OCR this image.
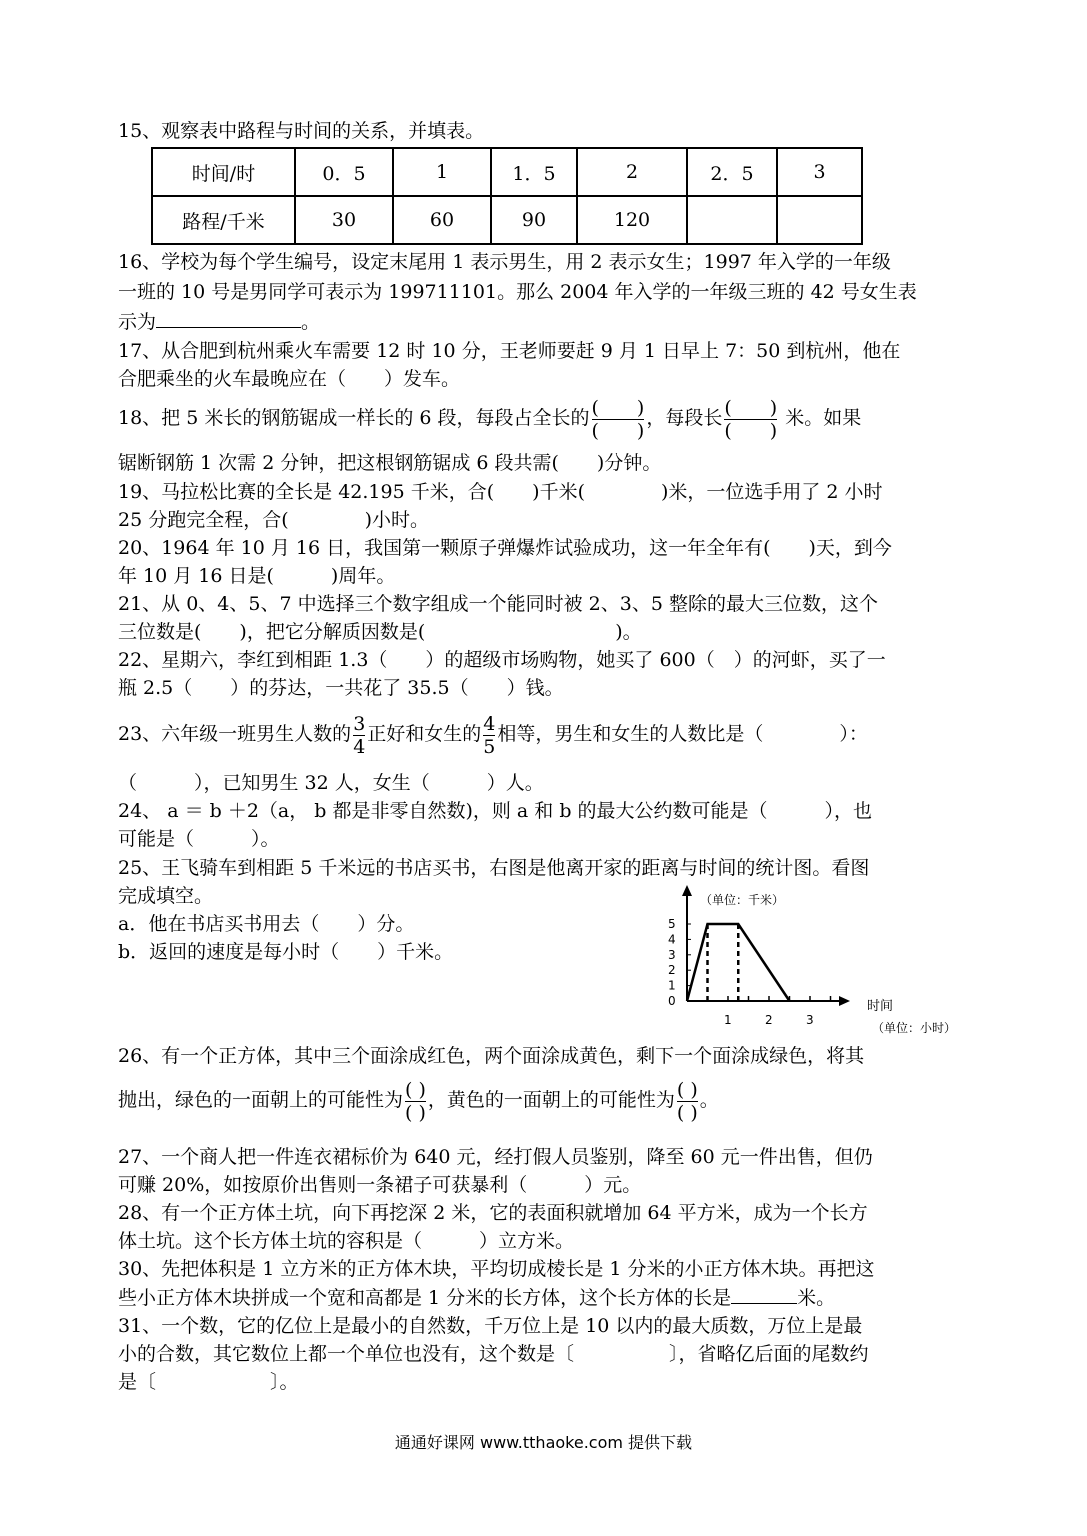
15、观察表中路程与时间的关系，并填表。
时间/时	0．5	1	1．5	2	2．5	3
路程/千米	30	60	90	120		
16、学校为每个学生编号，设定末尾用 1 表示男生，用 2 表示女生；1997 年入学的一年级
一班的 10 号是男同学可表示为 199711101。那么 2004 年入学的一年级三班的 42 号女生表
示为	。
17、从合肥到杭州乘火车需要 12 时 10 分，王老师要赶 9 月 1 日早上 7：50 到杭州，他在
合肥乘坐的火车最晚应在（　　）发车。
18、把 5 米长的钢筋锯成一样长的 6 段，每段占全长的 $\frac{( )}{( )}$ ，每段长 $\frac{( )}{( )}$ 米。如果
锯断钢筋 1 次需 2 分钟，把这根钢筋锯成 6 段共需(　　)分钟。
19、马拉松比赛的全长是 42.195 千米，合(　　)千米(　　　　)米，一位选手用了 2 小时
25 分跑完全程，合(　　　　)小时。
20、1964 年 10 月 16 日，我国第一颗原子弹爆炸试验成功，这一年全年有(　　)天，到今
年 10 月 16 日是(　　　)周年。
21、从 0、4、5、7 中选择三个数字组成一个能同时被 2、3、5 整除的最大三位数，这个
三位数是(　　)，把它分解质因数是(　　　　　　　　　　)。
22、星期六，李红到相距 1.3（　　）的超级市场购物，她买了 600（　）的河虾，买了一
瓶 2.5（　　）的芬达，一共花了 35.5（　　）钱。
23、六年级一班男生人数的 $\frac{3}{4}$ 正好和女生的 $\frac{4}{5}$ 相等，男生和女生的人数比是（　　　　）：
（　　　），已知男生 32 人，女生（　　　）人。
24、 a ＝ b ＋2（a， b 都是非零自然数)，则 a 和 b 的最大公约数可能是（　　　），也
可能是（　　　）。
25、王飞骑车到相距 5 千米远的书店买书，右图是他离开家的距离与时间的统计图。看图
完成填空。
a．他在书店买书用去（　　）分。
b．返回的速度是每小时（　　）千米。
（单位：千米）
时间
（单位：小时）
0
1
2
3
4
5
1	2	3
26、有一个正方体，其中三个面涂成红色，两个面涂成黄色，剩下一个面涂成绿色，将其
抛出，绿色的一面朝上的可能性为 $\frac{( )}{( )}$ ，黄色的一面朝上的可能性为 $\frac{( )}{( )}$ 。
27、一个商人把一件连衣裙标价为 640 元，经打假人员鉴别，降至 60 元一件出售，但仍
可赚 20%，如按原价出售则一条裙子可获暴利（　　　）元。
28、有一个正方体土坑，向下再挖深 2 米，它的表面积就增加 64 平方米，成为一个长方
体土坑。这个长方体土坑的容积是（　　　）立方米。
30、先把体积是 1 立方米的正方体木块，平均切成棱长是 1 分米的小正方体木块。再把这
些小正方体木块拼成一个宽和高都是 1 分米的长方体，这个长方体的长是	米。
31、一个数，它的亿位上是最小的自然数，千万位上是 10 以内的最大质数，万位上是最
小的合数，其它数位上都一个单位也没有，这个数是〔　　　　　〕，省略亿后面的尾数约
是〔　　　　　　〕。
通通好课网 www.tthaoke.com 提供下载
